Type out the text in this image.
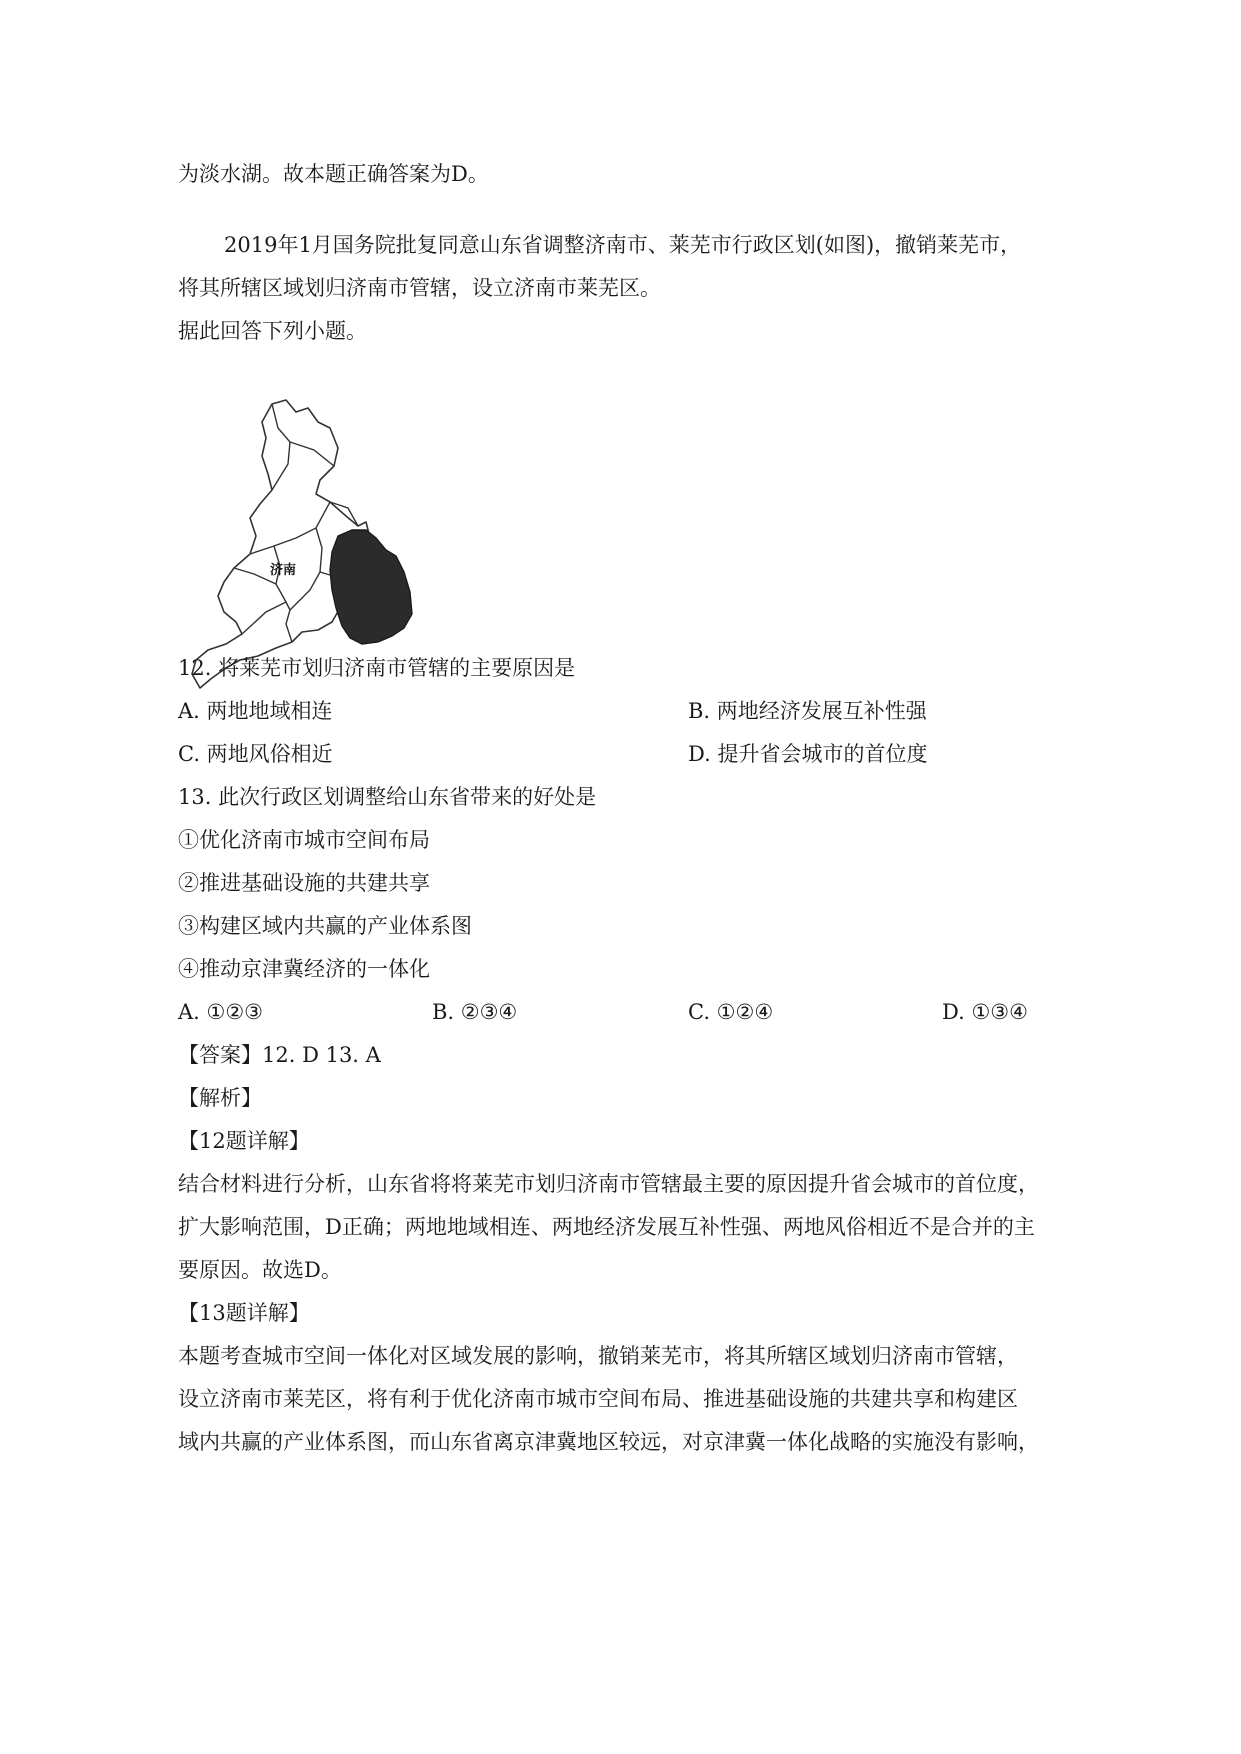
为淡水湖。故本题正确答案为D。
2019年1月国务院批复同意山东省调整济南市、莱芜市行政区划(如图)，撤销莱芜市，
将其所辖区域划归济南市管辖，设立济南市莱芜区。
据此回答下列小题。
济南
12. 将莱芜市划归济南市管辖的主要原因是
A. 两地地域相连	B. 两地经济发展互补性强
C. 两地风俗相近	D. 提升省会城市的首位度
13. 此次行政区划调整给山东省带来的好处是
①优化济南市城市空间布局
②推进基础设施的共建共享
③构建区域内共赢的产业体系图
④推动京津冀经济的一体化
A. ①②③	B. ②③④	C. ①②④	D. ①③④
【答案】12. D 13. A
【解析】
【12题详解】
结合材料进行分析，山东省将将莱芜市划归济南市管辖最主要的原因提升省会城市的首位度，
扩大影响范围，D正确；两地地域相连、两地经济发展互补性强、两地风俗相近不是合并的主
要原因。故选D。
【13题详解】
本题考查城市空间一体化对区域发展的影响，撤销莱芜市，将其所辖区域划归济南市管辖，
设立济南市莱芜区，将有利于优化济南市城市空间布局、推进基础设施的共建共享和构建区
域内共赢的产业体系图，而山东省离京津冀地区较远，对京津冀一体化战略的实施没有影响，
